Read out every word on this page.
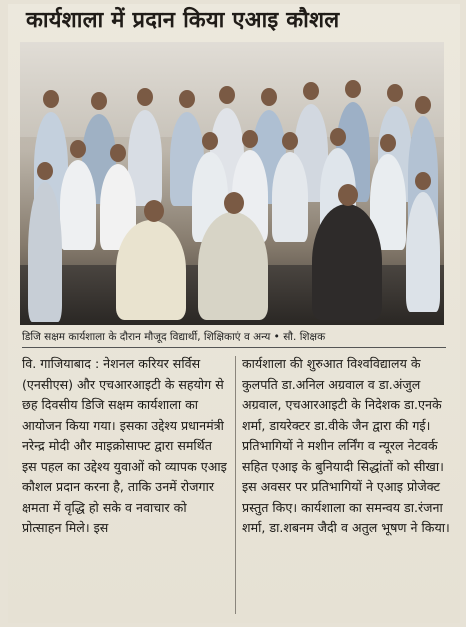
कार्यशाला में प्रदान किया एआइ कौशल
डिजि सक्षम कार्यशाला के दौरान मौजूद विद्यार्थी, शिक्षिकाएं व अन्य • सौ. शिक्षक

वि. गाजियाबाद : नेशनल करियर सर्विस (एनसीएस) और एचआरआइटी के सहयोग से छह दिवसीय डिजि सक्षम कार्यशाला का आयोजन किया गया। इसका उद्देश्य प्रधानमंत्री नरेन्द्र मोदी और माइक्रोसाफ्ट द्वारा समर्थित इस पहल का उद्देश्य युवाओं को व्यापक एआइ कौशल प्रदान करना है, ताकि उनमें रोजगार क्षमता में वृद्धि हो सके व नवाचार को प्रोत्साहन मिले। इस

कार्यशाला की शुरुआत विश्वविद्यालय के कुलपति डा.अनिल अग्रवाल व डा.अंजुल अग्रवाल, एचआरआइटी के निदेशक डा.एनके शर्मा, डायरेक्टर डा.वीके जैन द्वारा की गई। प्रतिभागियों ने मशीन लर्निंग व न्यूरल नेटवर्क सहित एआइ के बुनियादी सिद्धांतों को सीखा। इस अवसर पर प्रतिभागियों ने एआइ प्रोजेक्ट प्रस्तुत किए। कार्यशाला का समन्वय डा.रंजना शर्मा, डा.शबनम जैदी व अतुल भूषण ने किया।
